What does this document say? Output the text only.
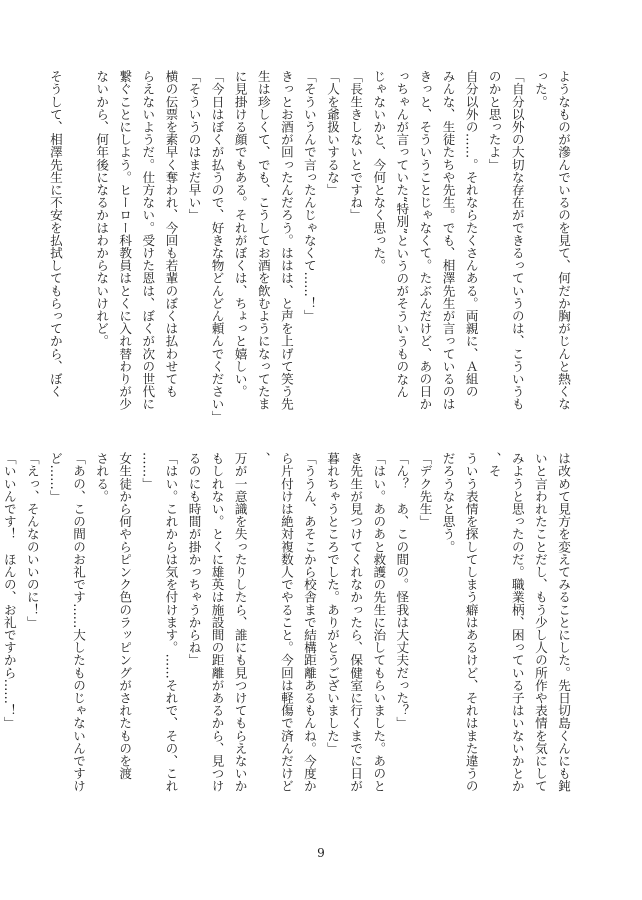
ようなものが滲んでいるのを見て、何だか胸がじんと熱くな

った。

「自分以外の大切な存在ができるっていうのは、こういうも

のかと思ったよ」

自分以外の……。それならたくさんある。両親に、Ａ組の

みんな、生徒たちや先生。でも、相澤先生が言っているのは

きっと、そういうことじゃなくて。たぶんだけど、あの日か

っちゃんが言っていた“特別”というのがそういうものなん

じゃないかと、今何となく思った。

「長生きしないとですね」

「人を爺扱いするな」

「そういうんで言ったんじゃなくて……！」

きっとお酒が回ったんだろう。ははは、と声を上げて笑う先

生は珍しくて、でも、こうしてお酒を飲むようになってたま

に見掛ける顔でもある。それがぼくは、ちょっと嬉しい。

「今日はぼくが払うので、好きな物どんどん頼んでください」

「そういうのはまだ早い」

横の伝票を素早く奪われ、今回も若輩のぼくは払わせても

らえないようだ。仕方ない。受けた恩は、ぼくが次の世代に

繋ぐことにしよう。ヒーロー科教員はとくに入れ替わりが少

ないから、何年後になるかはわからないけれど。

そうして、相澤先生に不安を払拭してもらってから、ぼく

は改めて見方を変えてみることにした。先日切島くんにも鈍

いと言われたことだし、もう少し人の所作や表情を気にして

みようと思ったのだ。職業柄、困っている子はいないかとか、そ

ういう表情を探してしまう癖はあるけど、それはまた違うの

だろうなと思う。

「デク先生」

「ん？　あ、この間の。怪我は大丈夫だった？」

「はい。あのあと救護の先生に治してもらいました。あのと

き先生が見つけてくれなかったら、保健室に行くまでに日が

暮れちゃうところでした。ありがとうございました」

「ううん、あそこから校舎まで結構距離あるもんね。今度か

ら片付けは絶対複数人でやること。今回は軽傷で済んだけど、

万が一意識を失ったりしたら、誰にも見つけてもらえないか

もしれない。とくに雄英は施設間の距離があるから、見つけ

るのにも時間が掛かっちゃうからね」

「はい。これからは気を付けます。……それで、その、これ

……」

女生徒から何やらピンク色のラッピングがされたものを渡

される。

「あの、この間のお礼です……大したものじゃないんですけ

ど……」

「えっ、そんなのいいのに！」

「いいんです！　ほんの、お礼ですから……！」

9
